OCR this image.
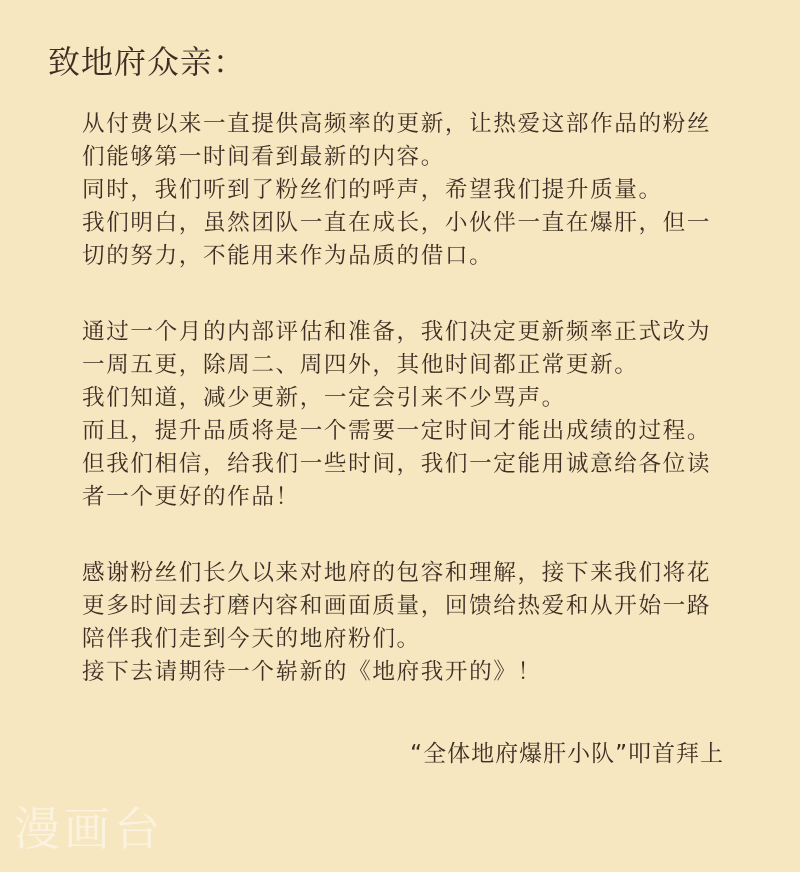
致地府众亲：
从付费以来一直提供高频率的更新，让热爱这部作品的粉丝
们能够第一时间看到最新的内容。
同时，我们听到了粉丝们的呼声，希望我们提升质量。
我们明白，虽然团队一直在成长，小伙伴一直在爆肝，但一
切的努力，不能用来作为品质的借口。
通过一个月的内部评估和准备，我们决定更新频率正式改为
一周五更，除周二、周四外，其他时间都正常更新。
我们知道，减少更新，一定会引来不少骂声。
而且，提升品质将是一个需要一定时间才能出成绩的过程。
但我们相信，给我们一些时间，我们一定能用诚意给各位读
者一个更好的作品！
感谢粉丝们长久以来对地府的包容和理解，接下来我们将花
更多时间去打磨内容和画面质量，回馈给热爱和从开始一路
陪伴我们走到今天的地府粉们。
接下去请期待一个崭新的《地府我开的》！
“全体地府爆肝小队”叩首拜上
漫画台
